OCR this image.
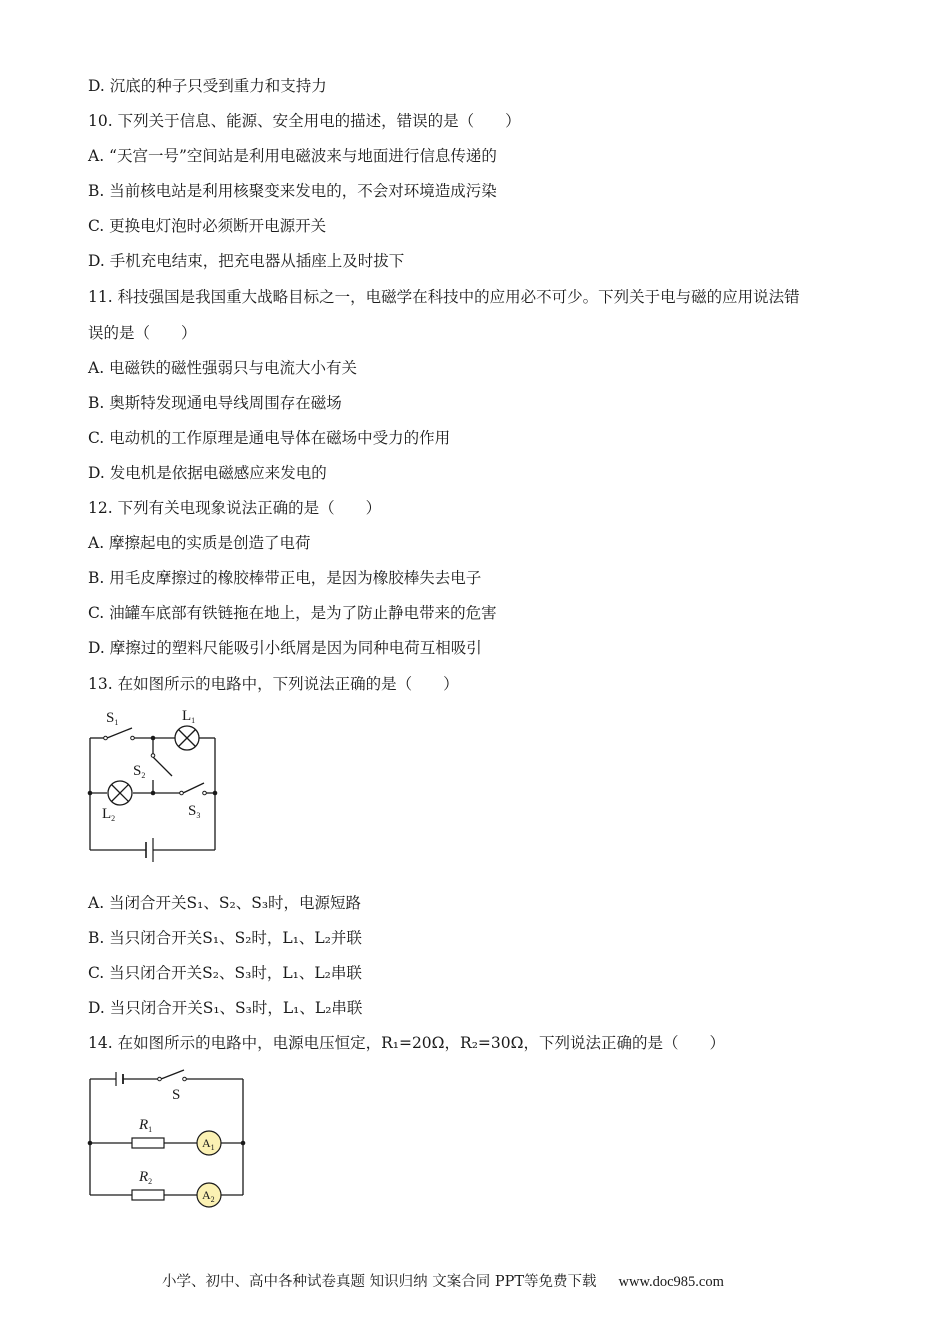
D. 沉底的种子只受到重力和支持力
10. 下列关于信息、能源、安全用电的描述，错误的是（　　）
A. “天宫一号”空间站是利用电磁波来与地面进行信息传递的
B. 当前核电站是利用核聚变来发电的，不会对环境造成污染
C. 更换电灯泡时必须断开电源开关
D. 手机充电结束，把充电器从插座上及时拔下
11. 科技强国是我国重大战略目标之一，电磁学在科技中的应用必不可少。下列关于电与磁的应用说法错
误的是（　　）
A. 电磁铁的磁性强弱只与电流大小有关
B. 奥斯特发现通电导线周围存在磁场
C. 电动机的工作原理是通电导体在磁场中受力的作用
D. 发电机是依据电磁感应来发电的
12. 下列有关电现象说法正确的是（　　）
A. 摩擦起电的实质是创造了电荷
B. 用毛皮摩擦过的橡胶棒带正电，是因为橡胶棒失去电子
C. 油罐车底部有铁链拖在地上，是为了防止静电带来的危害
D. 摩擦过的塑料尺能吸引小纸屑是因为同种电荷互相吸引
13. 在如图所示的电路中，下列说法正确的是（　　）
$S_1$	$L_1$
$S_2$
$L_2$	$S_3$
A. 当闭合开关S₁、S₂、S₃时，电源短路
B. 当只闭合开关S₁、S₂时，L₁、L₂并联
C. 当只闭合开关S₂、S₃时，L₁、L₂串联
D. 当只闭合开关S₁、S₃时，L₁、L₂串联
14. 在如图所示的电路中，电源电压恒定，R₁=20Ω，R₂=30Ω，下列说法正确的是（　　）
S
$R_1$
$R_2$
$A_1$
$A_2$
小学、初中、高中各种试卷真题 知识归纳 文案合同 PPT等免费下载 www.doc985.com
